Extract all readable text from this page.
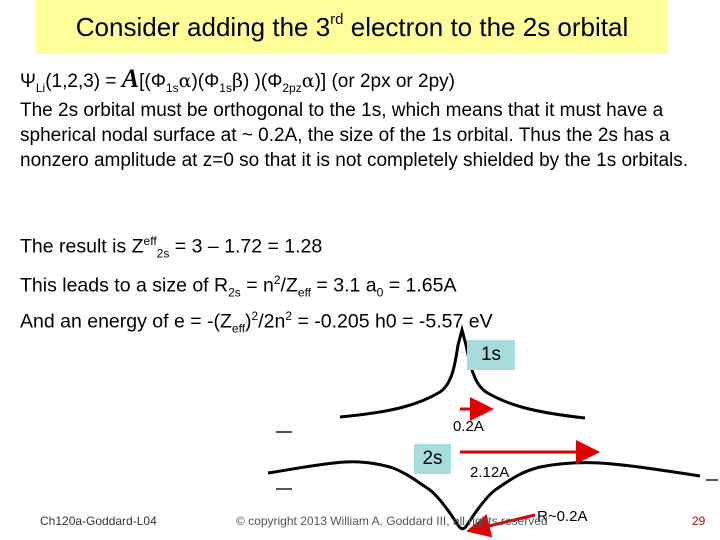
Consider adding the 3rd electron to the 2s orbital
$\Psi_{Li}(1,2,3) = A[(\Phi_{1s}\alpha)(\Phi_{1s}\beta)$ )$(\Phi_{2pz}\alpha)$] (or 2px or 2py)
The 2s orbital must be orthogonal to the 1s, which means that it must have a spherical nodal surface at ~ 0.2A, the size of the 1s orbital. Thus the 2s has a nonzero amplitude at z=0 so that it is not completely shielded by the 1s orbitals.
The result is $Z^{eff}_{2s} = 3 - 1.72 = 1.28$
This leads to a size of $R_{2s} = n^2/Z_{eff} = 3.1$ $a_0 = 1.65A$
And an energy of $e = -(Z_{eff})^2/2n^2 = -0.205$ h0 = -5.57 eV
1s
2s
0.2A
2.12A
R~0.2A
Ch120a-Goddard-L04	© copyright 2013 William A. Goddard III, all rights reserved	29
